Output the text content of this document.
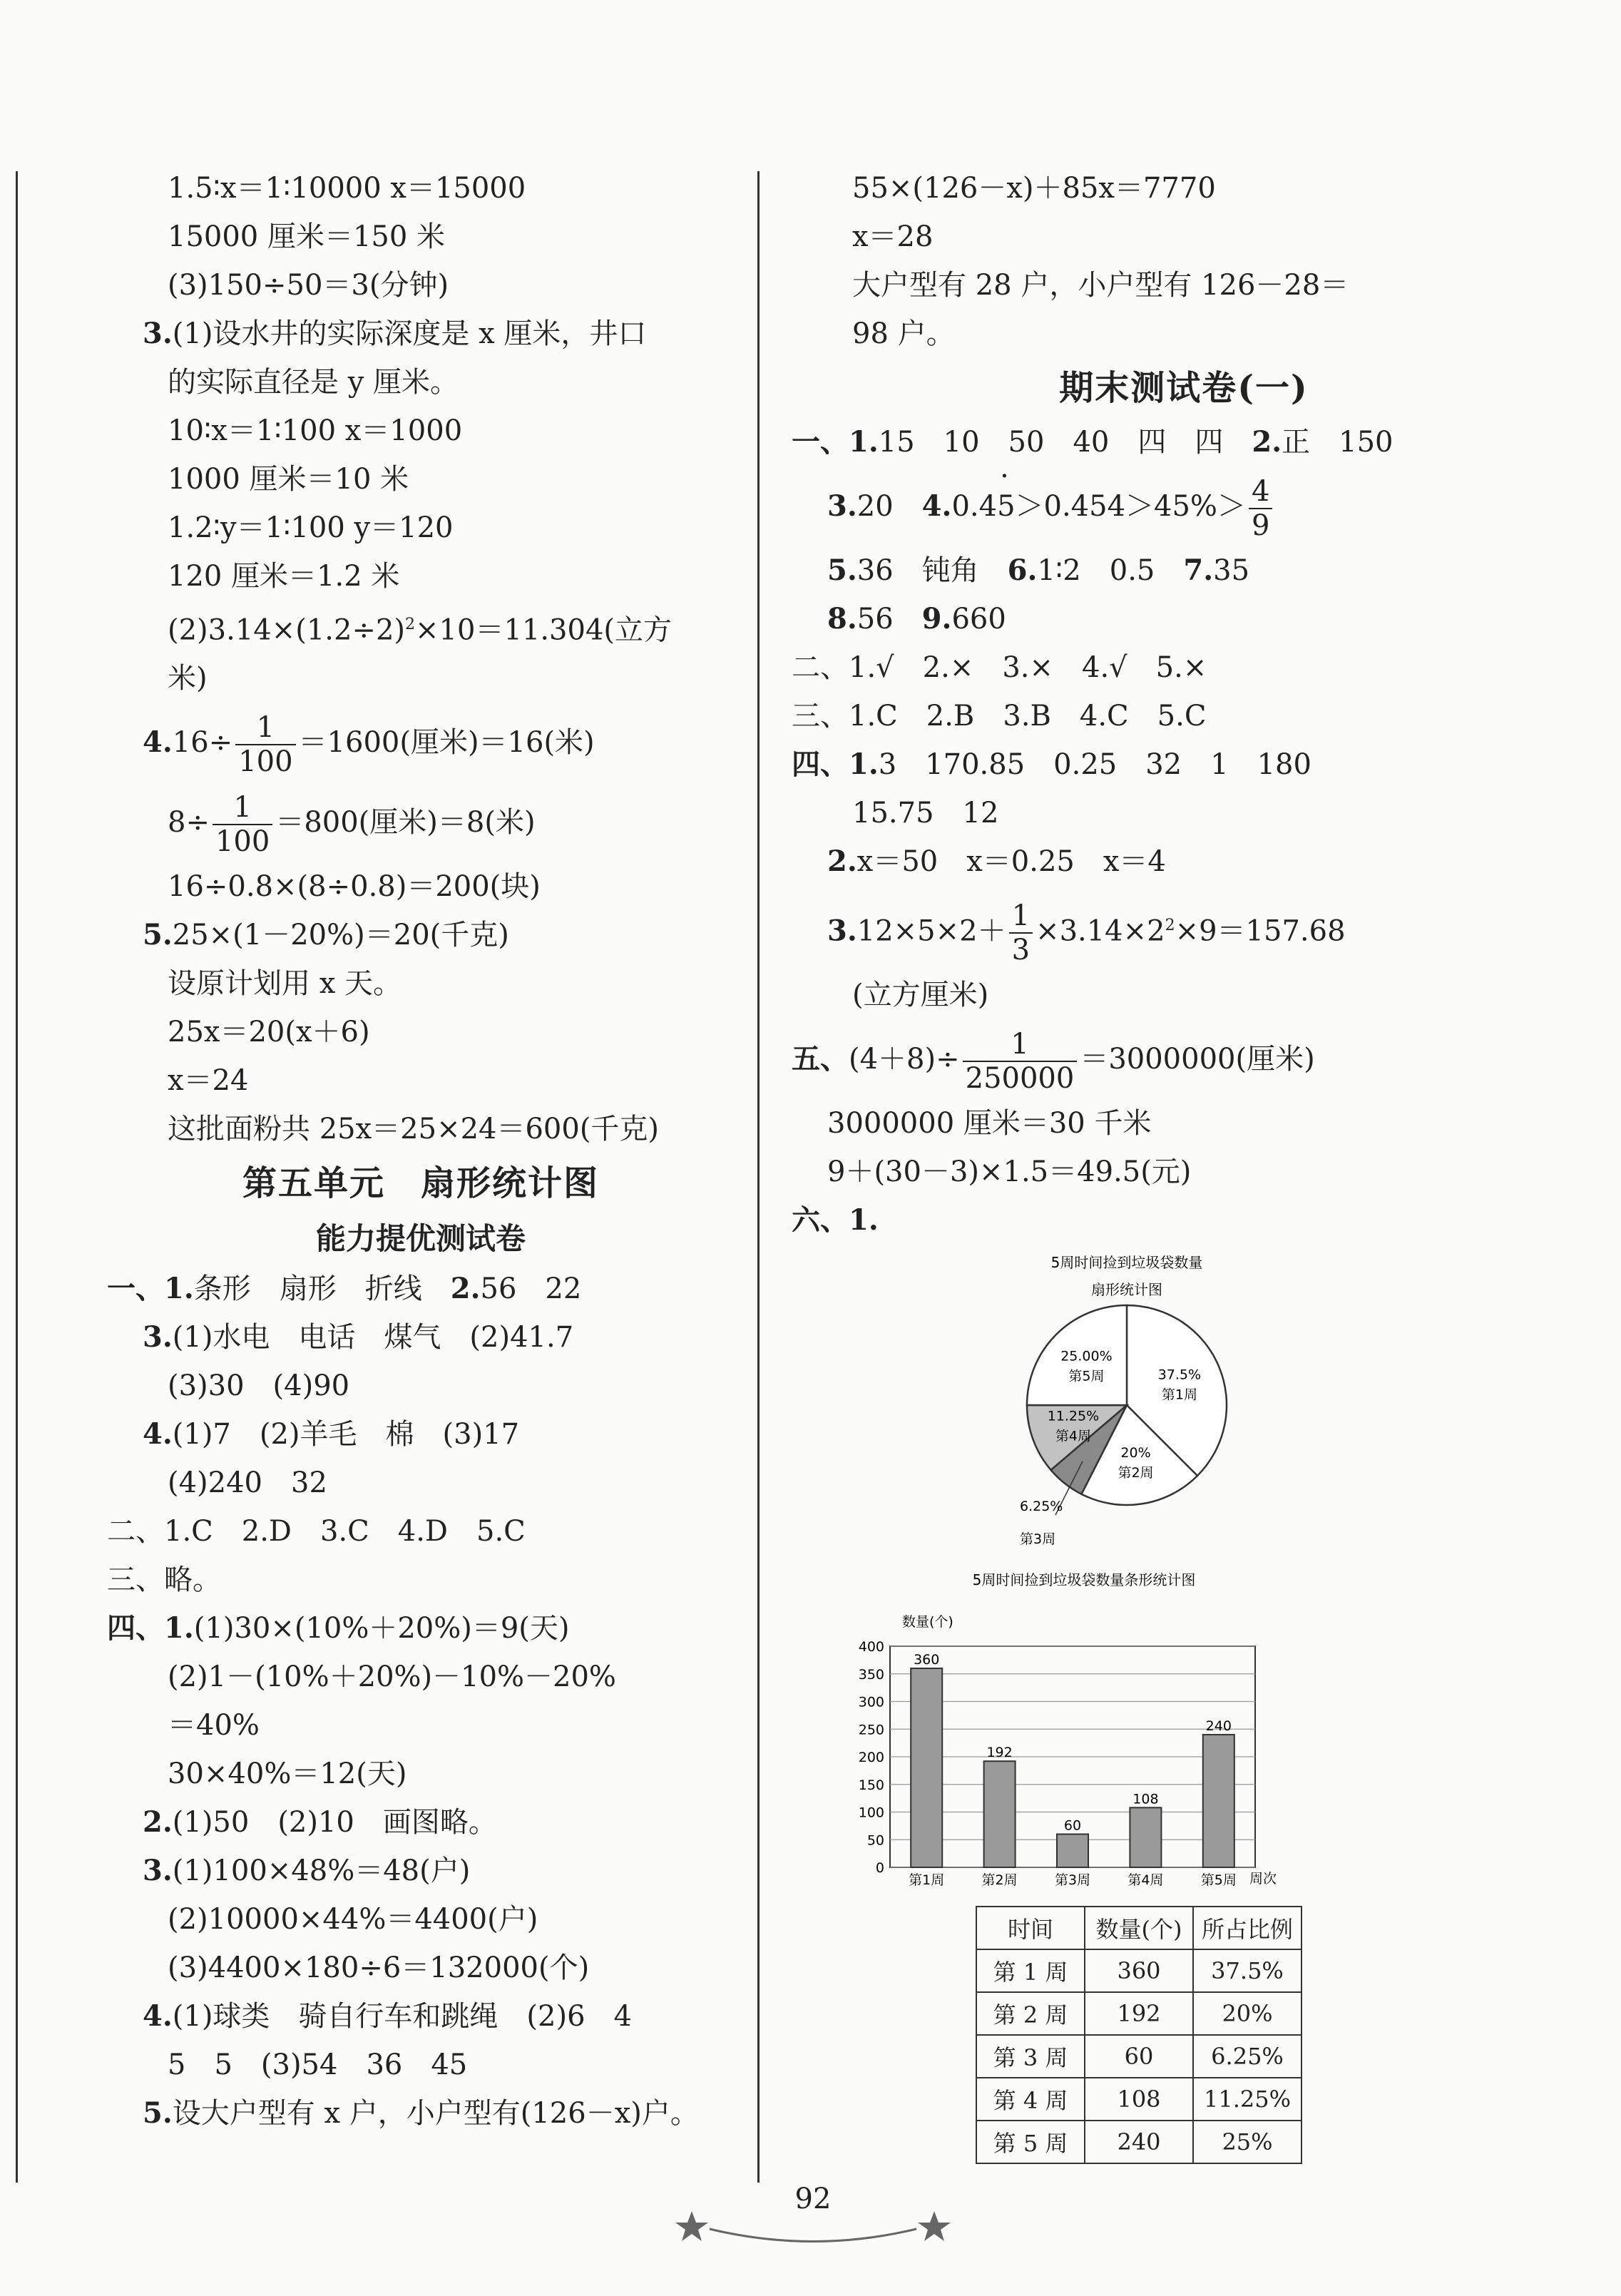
1.5∶x＝1∶10000 x＝15000
15000 厘米＝150 米
(3)150÷50＝3(分钟)
3.(1)设水井的实际深度是 x 厘米，井口
的实际直径是 y 厘米。
10∶x＝1∶100 x＝1000
1000 厘米＝10 米
1.2∶y＝1∶100 y＝120
120 厘米＝1.2 米
$(2)3.14\times(1.2\div 2)^2\times 10=11.304$(立方
米)
$4.16\div \frac{1}{100} =1600$(厘米)＝16(米)
$8\div \frac{1}{100} =800$(厘米)＝8(米)
16÷0.8×(8÷0.8)＝200(块)
5.25×(1－20%)＝20(千克)
设原计划用 x 天。
25x＝20(x＋6)
x＝24
这批面粉共 25x＝25×24＝600(千克)
第五单元　扇形统计图
能力提优测试卷
一、1.条形　扇形　折线　2.56　22
3.(1)水电　电话　煤气　(2)41.7
(3)30　(4)90
4.(1)7　(2)羊毛　棉　(3)17
(4)240　32
二、1.C　2.D　3.C　4.D　5.C
三、略。
四、1.(1)30×(10%＋20%)＝9(天)
(2)1－(10%＋20%)－10%－20%
＝40%
30×40%＝12(天)
2.(1)50　(2)10　画图略。
3.(1)100×48%＝48(户)
(2)10000×44%＝4400(户)
(3)4400×180÷6＝132000(个)
4.(1)球类　骑自行车和跳绳　(2)6　4
5　5　(3)54　36　45
5.设大户型有 x 户，小户型有(126－x)户。
55×(126－x)＋85x＝7770
x＝28
大户型有 28 户，小户型有 126－28＝
98 户。
期末测试卷(一)
一、1.15　10　50　40　四　四　2.正　150
3.20　$4.0.4\cdot 5>0.454>45\%> \frac{4}{9}$
5.36　钝角　6.1∶2　0.5　7.35
8.56　9.660
二、1.√　2.×　3.×　4.√　5.×
三、1.C　2.B　3.B　4.C　5.C
四、1.3　170.85　0.25　32　1　180
15.75　12
2.x＝50　x＝0.25　x＝4
$3.12\times 5\times 2+ \frac{1}{3} \times 3.14\times 2^2\times 9=157.68$
(立方厘米)
五、$(4+8)\div \frac{1}{250000} =3000000$(厘米)
3000000 厘米＝30 千米
9＋(30－3)×1.5＝49.5(元)
六、1.
5周时间捡到垃圾袋数量
扇形统计图
37.5%
第1周
20%
第2周
6.25%
第3周
11.25%
第4周
25.00%
第5周
5周时间捡到垃圾袋数量条形统计图
数量(个)
周次
0
50
100
150
200
250
300
350
400
360
第1周
192
第2周
60
第3周
108
第4周
240
第5周
时间	数量(个)	所占比例
第 1 周	360	37.5%
第 2 周	192	20%
第 3 周	60	6.25%
第 4 周	108	11.25%
第 5 周	240	25%
92
